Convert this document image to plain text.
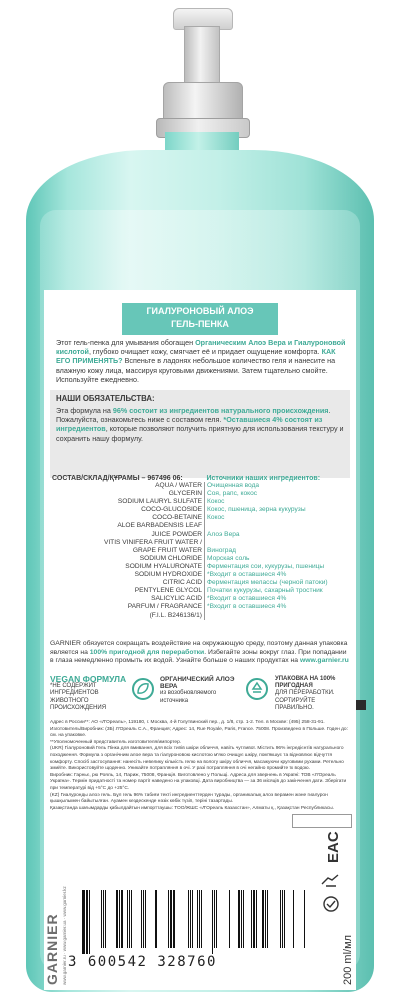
ГИАЛУРОНОВЫЙ АЛОЭ
ГЕЛЬ-ПЕНКА
Этот гель-пенка для умывания обогащен Органическим Алоэ Вера и Гиалуроновой кислотой, глубоко очищает кожу, смягчает её и придает ощущение комфорта. КАК ЕГО ПРИМЕНЯТЬ? Вспеньте в ладонях небольшое количество геля и нанесите на влажную кожу лица, массируя круговыми движениями. Затем тщательно смойте. Используйте ежедневно.
НАШИ ОБЯЗАТЕЛЬСТВА:
Эта формула на 96% состоит из ингредиентов натурального происхождения. Пожалуйста, ознакомьтесь ниже с составом геля. *Оставшиеся 4% состоят из ингредиентов, которые позволяют получить приятную для использования текстуру и сохранить нашу формулу.
СОСТАВ/СКЛАД/ҚҰРАМЫ – 967496 06:	Источники наших ингредиентов:
AQUA / WATER	Очищенная вода
GLYCERIN	Соя, рапс, кокос
SODIUM LAURYL SULFATE	Кокос
COCO-GLUCOSIDE	Кокос, пшеница, зерна кукурузы
COCO-BETAINE	Кокос
ALOE BARBADENSIS LEAF	
JUICE POWDER	Алоэ Вера
VITIS VINIFERA FRUIT WATER /	
GRAPE FRUIT WATER	Виноград
SODIUM CHLORIDE	Морская соль
SODIUM HYALURONATE	Ферментация сои, кукурузы, пшеницы
SODIUM HYDROXIDE	*Входит в оставшиеся 4%
CITRIC ACID	Ферментация мелассы (черной патоки)
PENTYLENE GLYCOL	Початки кукурузы, сахарный тростник
SALICYLIC ACID	*Входит в оставшиеся 4%
PARFUM / FRAGRANCE	*Входит в оставшиеся 4%
(F.I.L. B246136/1)	
GARNIER обязуется сокращать воздействие на окружающую среду, поэтому данная упаковка является на 100% пригодной для переработки. Избегайте зоны вокруг глаз. При попадании в глаза немедленно промыть их водой. Узнайте больше о наших продуктах на www.garnier.ru
VEGAN ФОРМУЛА
*НЕ СОДЕРЖИТ ИНГРЕДИЕНТОВ ЖИВОТНОГО ПРОИСХОЖДЕНИЯ
ОРГАНИЧЕСКИЙ АЛОЭ ВЕРА
из возобновляемого источника
УПАКОВКА НА 100% ПРИГОДНАЯ
ДЛЯ ПЕРЕРАБОТКИ. СОРТИРУЙТЕ ПРАВИЛЬНО.

Адрес в России**: АО «Л'Ореаль», 119180, г. Москва, 4-й Голутвинский пер., д. 1/8, стр. 1-2. Тел. в Москве: (495) 258-31-91. Изготовитель/Виробник: (3Б) Л'Ореаль С.А., Франция; Адрес: 14, Rue Royale, Paris, France. 75008. Произведено в Польше. Годен до: см. на упаковке.

**Уполномоченный представитель изготовителя/импортер.

(UKR) Гіалуроновий Гель Пінка для вмивання, для всіх типів шкіри обличчя, навіть чутливої. Містить 96% інгредієнтів натурального походження. Формула з органічним алое вера та гіалуроновою кислотою м'яко очищує шкіру, пом'якшує та відновлює відчуття комфорту. Спосіб застосування: нанесіть невелику кількість гелю на вологу шкіру обличчя, масажуючи круговими рухами. Ретельно змийте. Використовуйте щоденно. Уникайте потрапляння в очі. У разі потрапляння в очі негайно промийте їх водою.

Виробник: Гарньє, рю Рояль, 14, Париж, 75008, Франція. Виготовлено у Польщі. Адреса для звернень в Україні: ТОВ «Л'Ореаль Україна». Термін придатності та номер партії наведено на упаковці. Дата виробництва — за 36 місяців до закінчення дати. Зберігати при температурі від +5°C до +25°C.

(KZ) Гиалуронды алоэ гель. Бұл гель 96% табиғи текті ингредиенттерден тұрады, органикалық алоэ верамен және гиалурон қышқылымен байытылған. Ауамен кездескенде нәзік көбік түзіп, теріні тазартады.

Қазақстанда шағымдарды қабылдайтын импорттаушы: ТОО/ЖШС «Л'Ореаль Казахстан», Алматы қ., Қазақстан Республикасы.

EAC
200 ml/мл
GARNIER www.garnier.ru · www.garnier.ua · www.garnier.kz 3 600542 328760
